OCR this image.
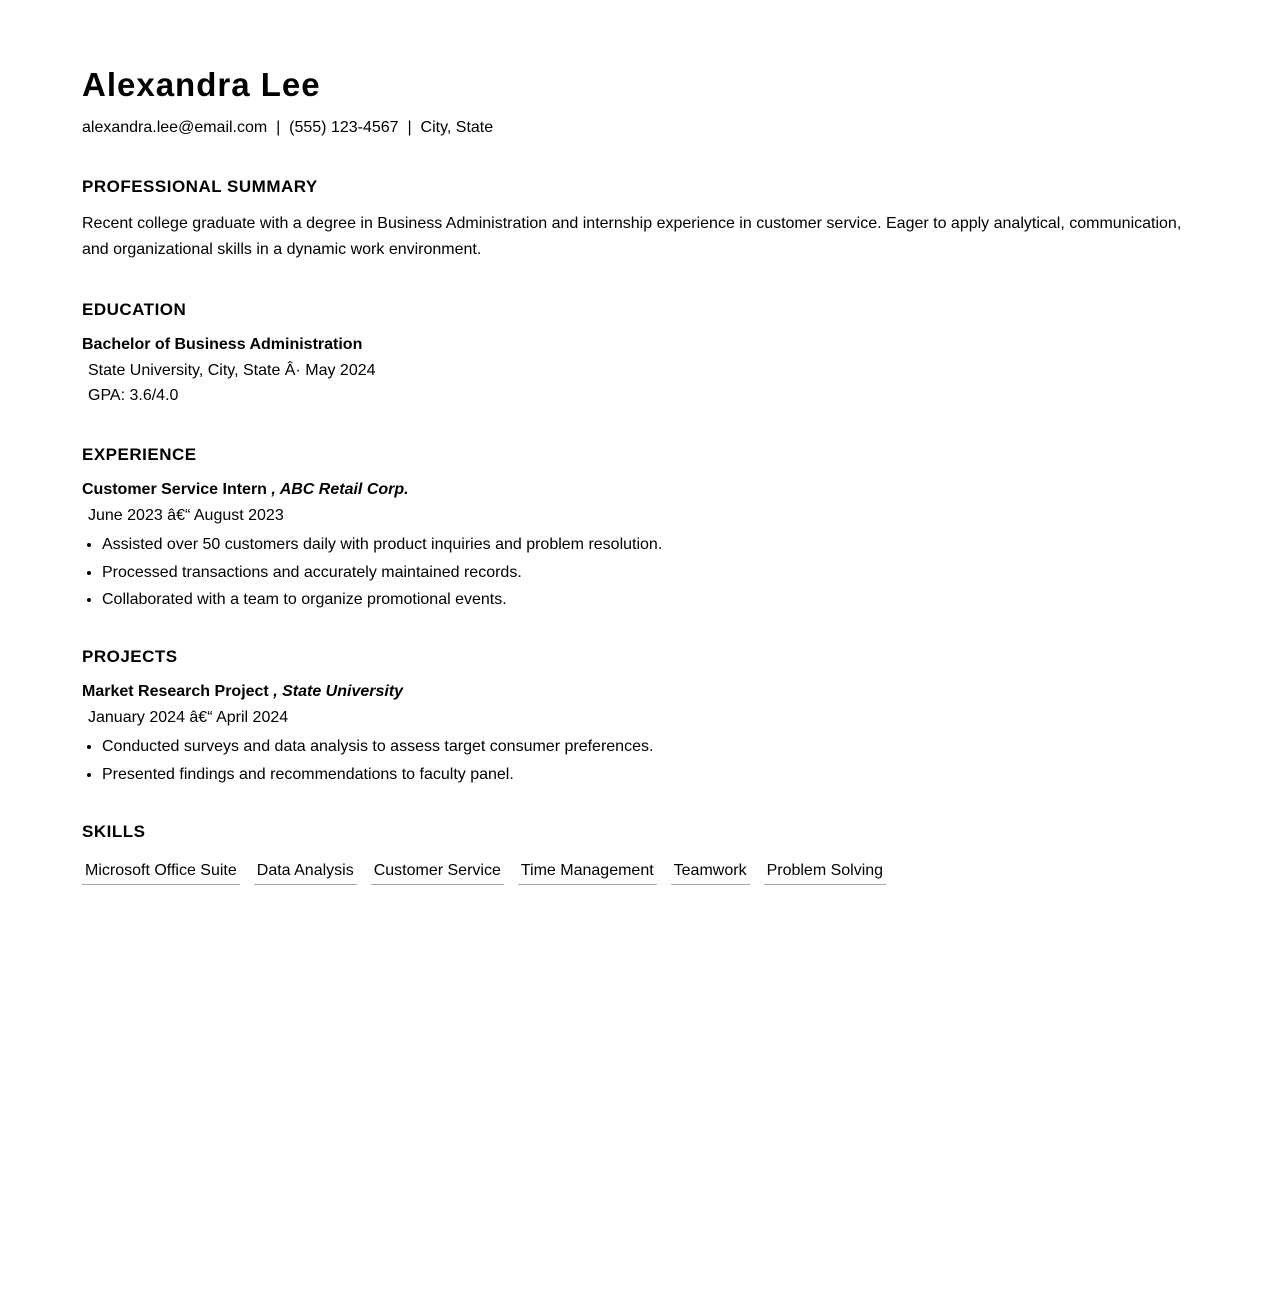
Alexandra Lee
alexandra.lee@email.com  |  (555) 123-4567  |  City, State
PROFESSIONAL SUMMARY
Recent college graduate with a degree in Business Administration and internship experience in customer service. Eager to apply analytical, communication, and organizational skills in a dynamic work environment.
EDUCATION
Bachelor of Business Administration
State University, City, State Â· May 2024
GPA: 3.6/4.0
EXPERIENCE
Customer Service Intern , ABC Retail Corp.
June 2023 â€“ August 2023
• Assisted over 50 customers daily with product inquiries and problem resolution.
• Processed transactions and accurately maintained records.
• Collaborated with a team to organize promotional events.
PROJECTS
Market Research Project , State University
January 2024 â€“ April 2024
• Conducted surveys and data analysis to assess target consumer preferences.
• Presented findings and recommendations to faculty panel.
SKILLS
Microsoft Office Suite Data Analysis Customer Service Time Management Teamwork Problem Solving
